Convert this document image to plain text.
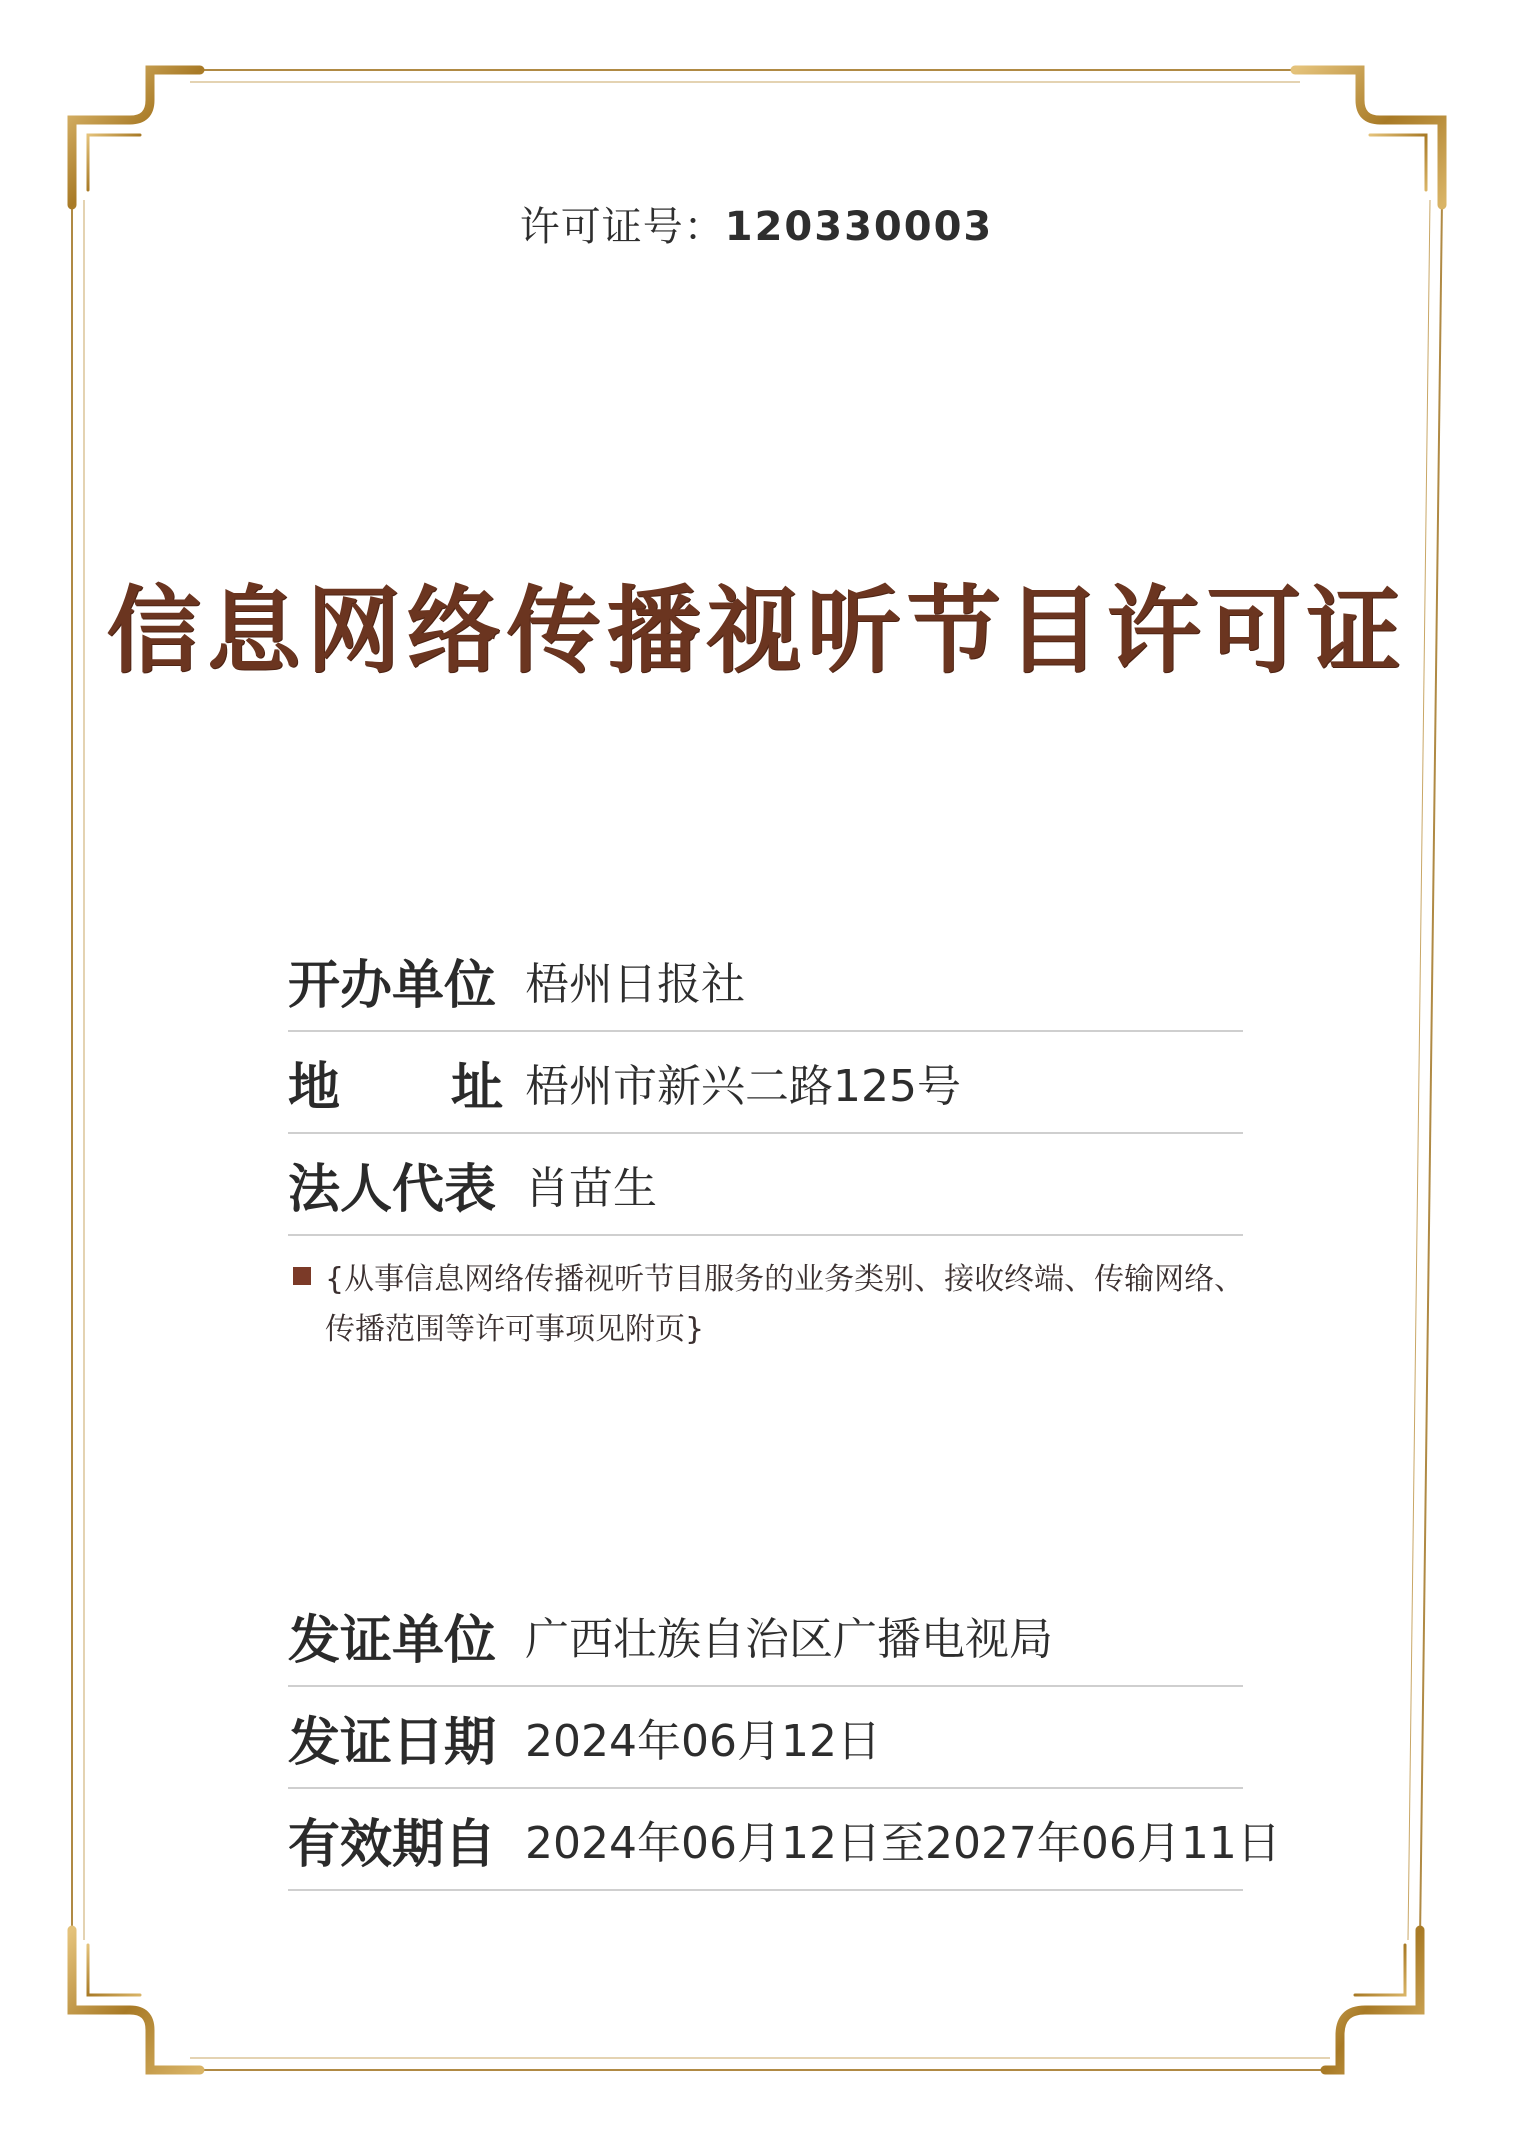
许可证号：120330003
信息网络传播视听节目许可证
开办单位 梧州日报社
地 址 梧州市新兴二路125号
法人代表 肖苗生
{从事信息网络传播视听节目服务的业务类别、接收终端、传输网络、
传播范围等许可事项见附页}
发证单位 广西壮族自治区广播电视局
发证日期 2024年06月12日
有效期自 2024年06月12日至2027年06月11日
